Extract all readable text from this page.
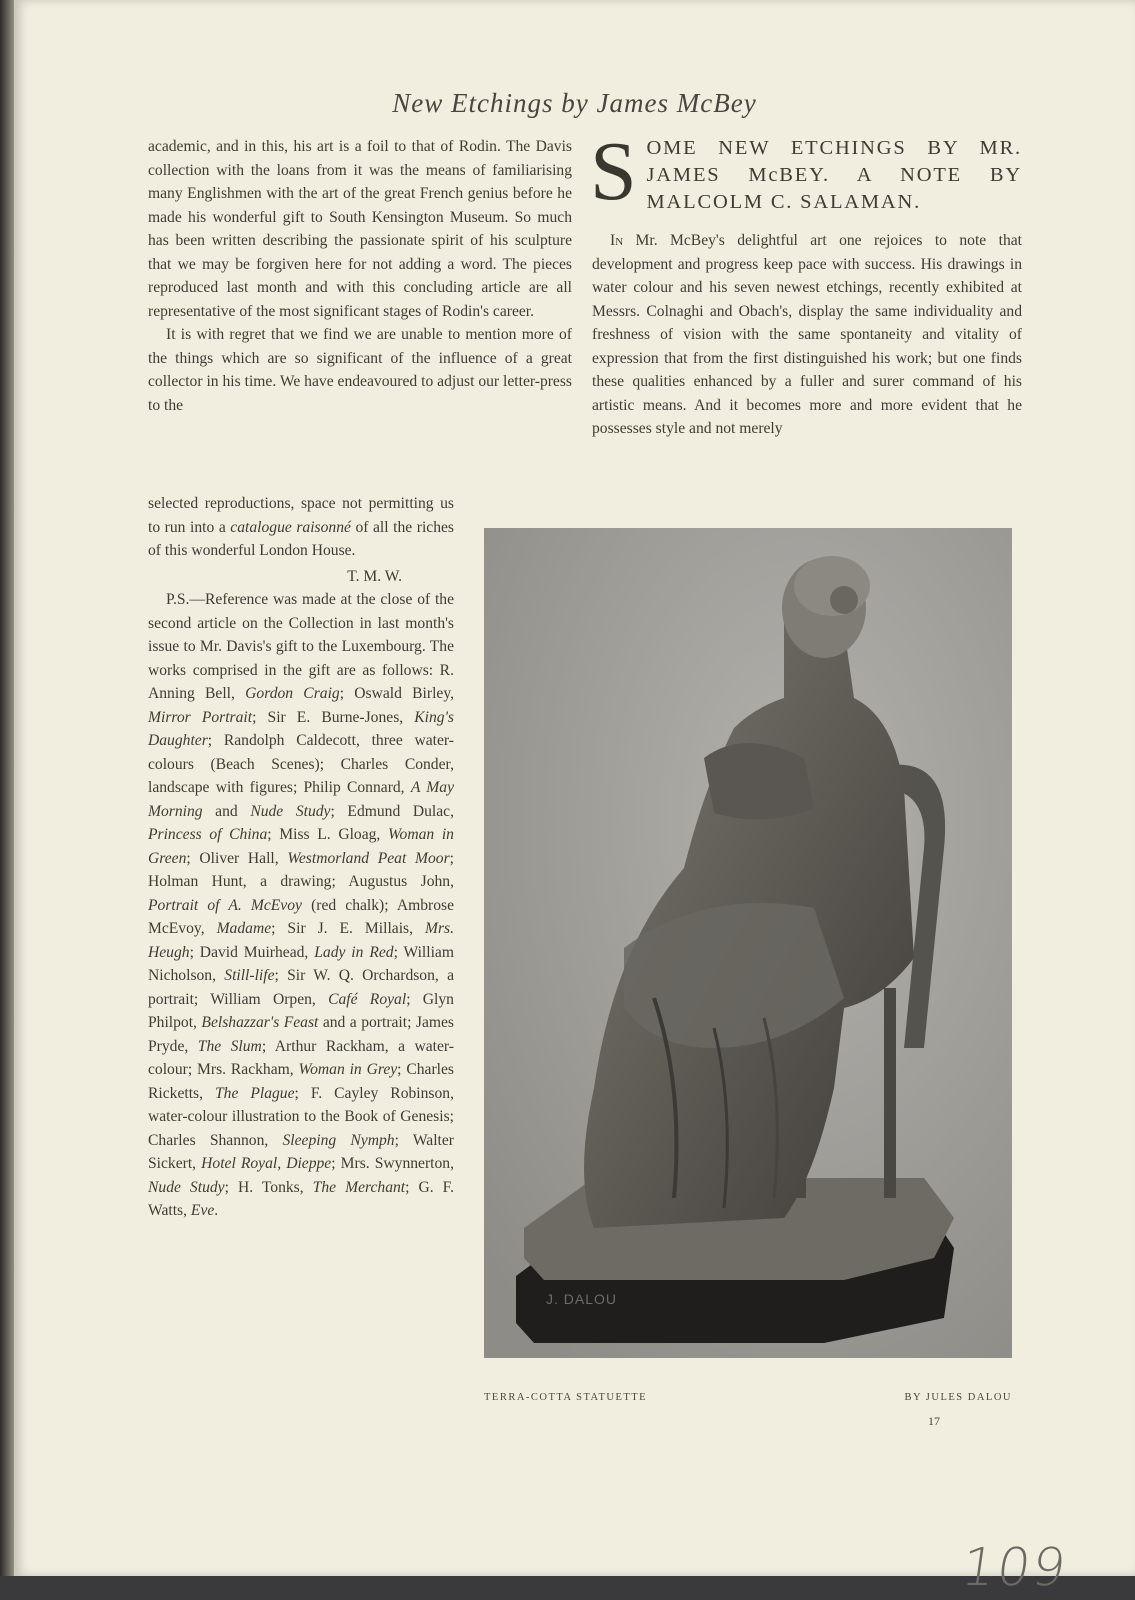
New Etchings by James McBey

academic, and in this, his art is a foil to that of Rodin. The Davis collection with the loans from it was the means of familiarising many Englishmen with the art of the great French genius before he made his wonderful gift to South Kensington Museum. So much has been written describing the passionate spirit of his sculpture that we may be forgiven here for not adding a word. The pieces reproduced last month and with this concluding article are all representative of the most significant stages of Rodin's career.

It is with regret that we find we are unable to mention more of the things which are so significant of the influence of a great collector in his time. We have endeavoured to adjust our letter-press to the

selected reproductions, space not permitting us to run into a catalogue raisonné of all the riches of this wonderful London House.

T. M. W.

P.S.—Reference was made at the close of the second article on the Collection in last month's issue to Mr. Davis's gift to the Luxembourg. The works comprised in the gift are as follows: R. Anning Bell, Gordon Craig; Oswald Birley, Mirror Portrait; Sir E. Burne-Jones, King's Daughter; Randolph Caldecott, three water-colours (Beach Scenes); Charles Conder, landscape with figures; Philip Connard, A May Morning and Nude Study; Edmund Dulac, Princess of China; Miss L. Gloag, Woman in Green; Oliver Hall, Westmorland Peat Moor; Holman Hunt, a drawing; Augustus John, Portrait of A. McEvoy (red chalk); Ambrose McEvoy, Madame; Sir J. E. Millais, Mrs. Heugh; David Muirhead, Lady in Red; William Nicholson, Still-life; Sir W. Q. Orchardson, a portrait; William Orpen, Café Royal; Glyn Philpot, Belshazzar's Feast and a portrait; James Pryde, The Slum; Arthur Rackham, a water-colour; Mrs. Rackham, Woman in Grey; Charles Ricketts, The Plague; F. Cayley Robinson, water-colour illustration to the Book of Genesis; Charles Shannon, Sleeping Nymph; Walter Sickert, Hotel Royal, Dieppe; Mrs. Swynnerton, Nude Study; H. Tonks, The Merchant; G. F. Watts, Eve.

SOME NEW ETCHINGS BY MR. JAMES McBEY. A NOTE BY MALCOLM C. SALAMAN.

In Mr. McBey's delightful art one rejoices to note that development and progress keep pace with success. His drawings in water colour and his seven newest etchings, recently exhibited at Messrs. Colnaghi and Obach's, display the same individuality and freshness of vision with the same spontaneity and vitality of expression that from the first distinguished his work; but one finds these qualities enhanced by a fuller and surer command of his artistic means. And it becomes more and more evident that he possesses style and not merely

J. DALOU
TERRA-COTTA STATUETTE	BY JULES DALOU
17
109
